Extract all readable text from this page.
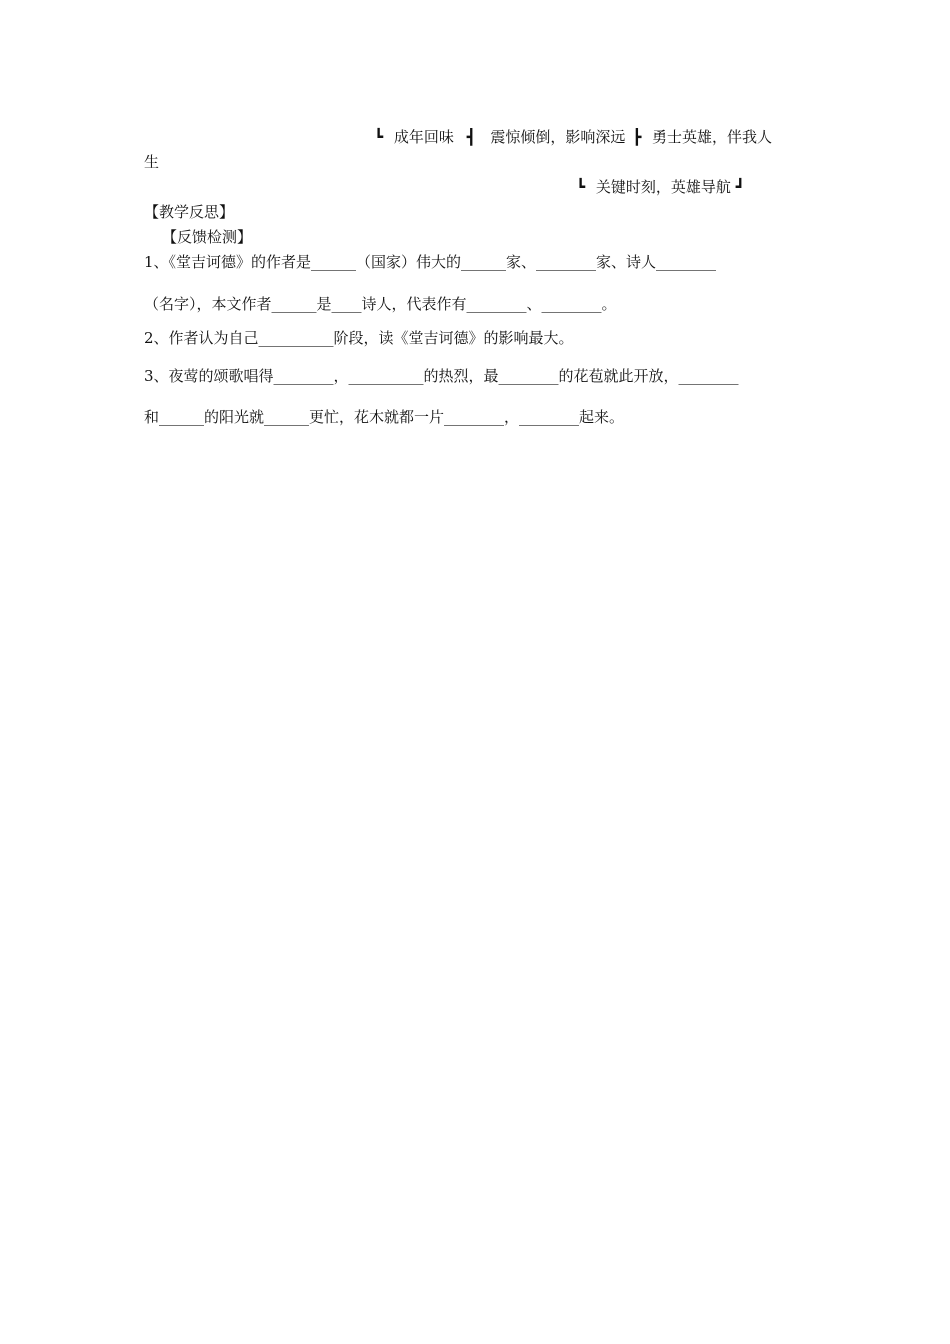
┗ 成年回味 ┫ 震惊倾倒，影响深远 ┣ 勇士英雄，伴我人
生
┗ 关键时刻，英雄导航 ┛
【教学反思】
【反馈检测】
1、《堂吉诃德》的作者是______（国家）伟大的______家、________家、诗人________
（名字），本文作者______是____诗人，代表作有________、________。
2、作者认为自己__________阶段，读《堂吉诃德》的影响最大。
3、夜莺的颂歌唱得________，__________的热烈，最________的花苞就此开放，________
和______的阳光就______更忙，花木就都一片________，________起来。
